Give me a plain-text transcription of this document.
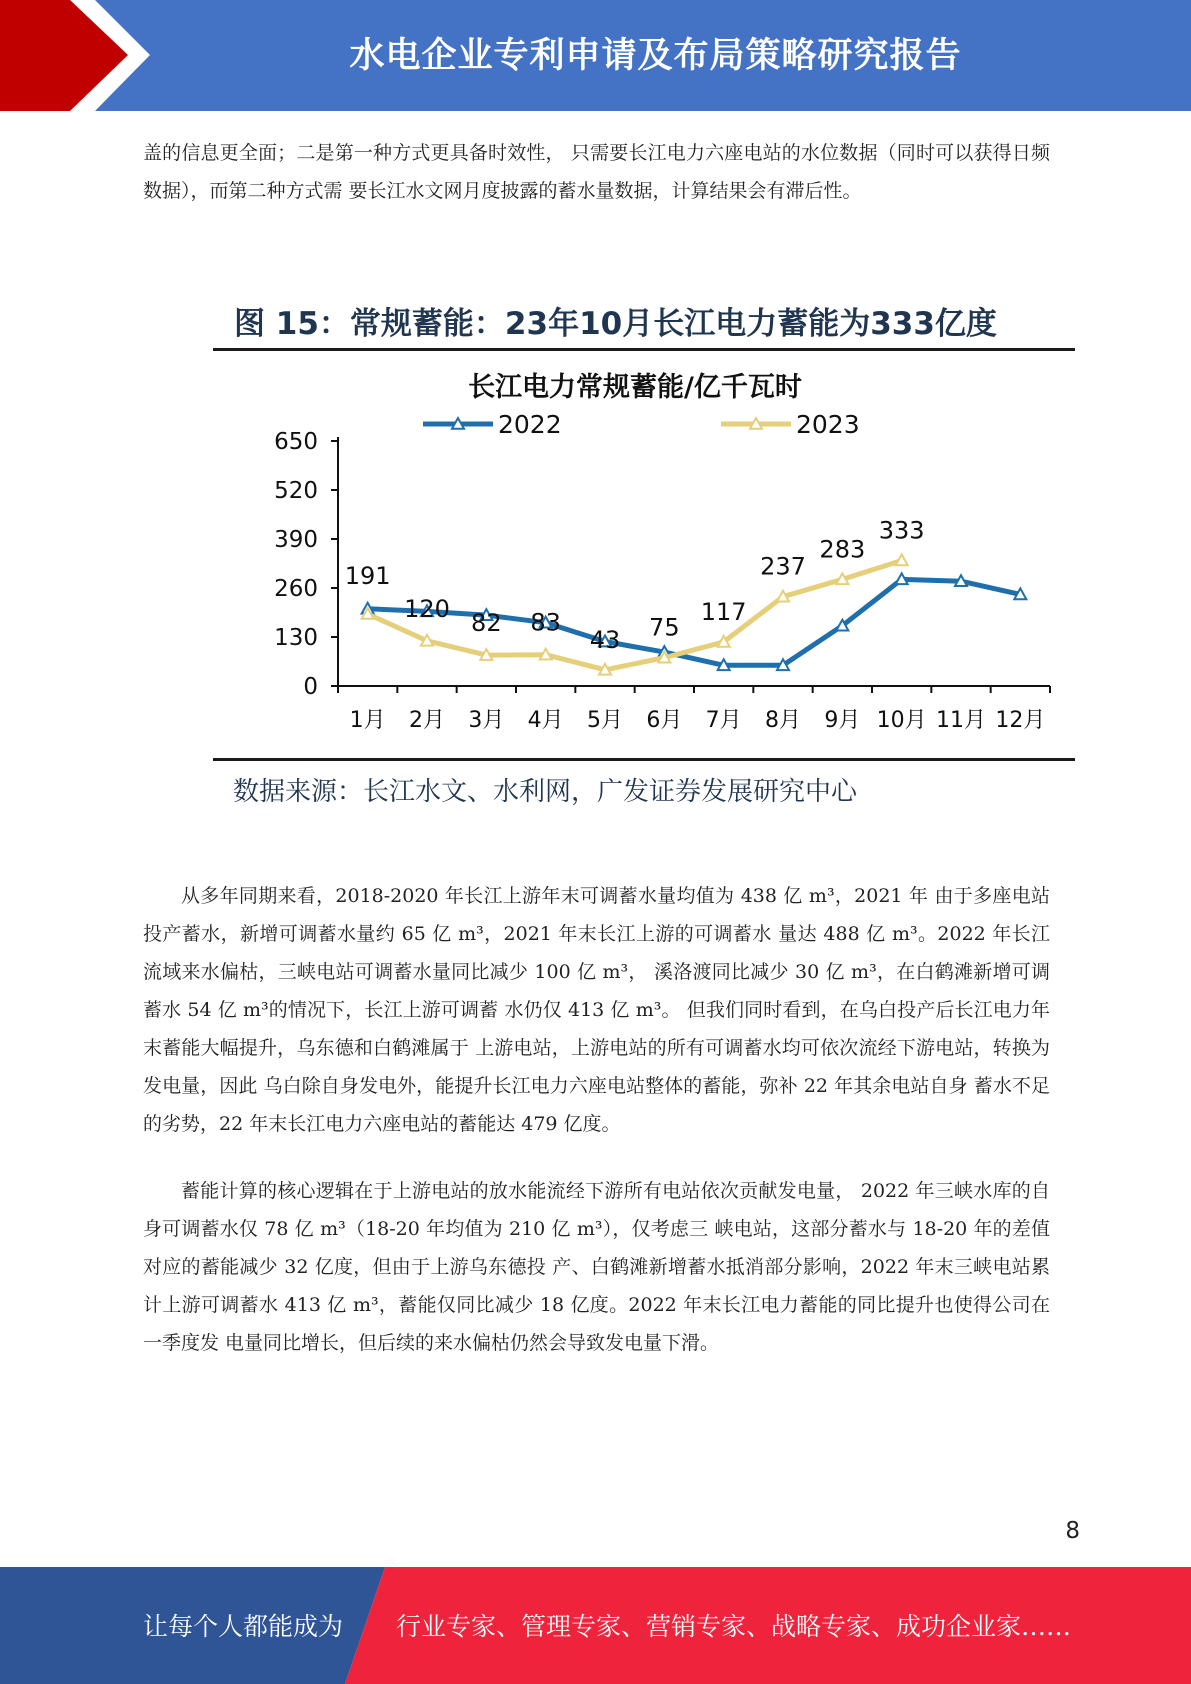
水电企业专利申请及布局策略研究报告

盖的信息更全面；二是第一种方式更具备时效性， 只需要长江电力六座电站的水位数据（同时可以获得日频数据），而第二种方式需 要长江水文网月度披露的蓄水量数据，计算结果会有滞后性。

图 15：常规蓄能：23年10月长江电力蓄能为333亿度
长江电力常规蓄能/亿千瓦时
2022	2023
0
130
260
390
520
650
1月 2月 3月 4月 5月 6月 7月 8月 9月 10月 11月 12月
191
120
82 83
43 75
117
237
283
333
数据来源：长江水文、水利网，广发证券发展研究中心

从多年同期来看，2018-2020 年长江上游年末可调蓄水量均值为 438 亿 m³，2021 年 由于多座电站投产蓄水，新增可调蓄水量约 65 亿 m³，2021 年末长江上游的可调蓄水 量达 488 亿 m³。2022 年长江流域来水偏枯，三峡电站可调蓄水量同比减少 100 亿 m³， 溪洛渡同比减少 30 亿 m³，在白鹤滩新增可调蓄水 54 亿 m³的情况下，长江上游可调蓄 水仍仅 413 亿 m³。 但我们同时看到，在乌白投产后长江电力年末蓄能大幅提升，乌东德和白鹤滩属于 上游电站，上游电站的所有可调蓄水均可依次流经下游电站，转换为发电量，因此 乌白除自身发电外，能提升长江电力六座电站整体的蓄能，弥补 22 年其余电站自身 蓄水不足的劣势，22 年末长江电力六座电站的蓄能达 479 亿度。

蓄能计算的核心逻辑在于上游电站的放水能流经下游所有电站依次贡献发电量， 2022 年三峡水库的自身可调蓄水仅 78 亿 m³（18-20 年均值为 210 亿 m³），仅考虑三 峡电站，这部分蓄水与 18-20 年的差值对应的蓄能减少 32 亿度，但由于上游乌东德投 产、白鹤滩新增蓄水抵消部分影响，2022 年末三峡电站累计上游可调蓄水 413 亿 m³，蓄能仅同比减少 18 亿度。2022 年末长江电力蓄能的同比提升也使得公司在一季度发 电量同比增长，但后续的来水偏枯仍然会导致发电量下滑。

8
让每个人都能成为 行业专家、管理专家、营销专家、战略专家、成功企业家……
